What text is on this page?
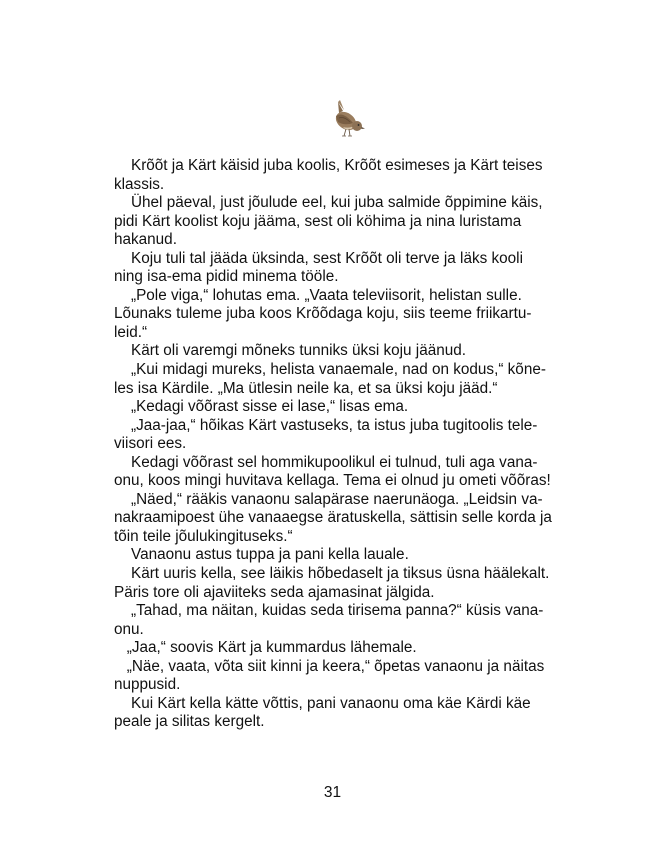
Krõõt ja Kärt käisid juba koolis, Krõõt esimeses ja Kärt teises
klassis.
Ühel päeval, just jõulude eel, kui juba salmide õppimine käis,
pidi Kärt koolist koju jääma, sest oli köhima ja nina luristama
hakanud.
Koju tuli tal jääda üksinda, sest Krõõt oli terve ja läks kooli
ning isa-ema pidid minema tööle.
„Pole viga,“ lohutas ema. „Vaata televiisorit, helistan sulle.
Lõunaks tuleme juba koos Krõõdaga koju, siis teeme friikartu-
leid.“
Kärt oli varemgi mõneks tunniks üksi koju jäänud.
„Kui midagi mureks, helista vanaemale, nad on kodus,“ kõne-
les isa Kärdile. „Ma ütlesin neile ka, et sa üksi koju jääd.“
„Kedagi võõrast sisse ei lase,“ lisas ema.
„Jaa-jaa,“ hõikas Kärt vastuseks, ta istus juba tugitoolis tele-
viisori ees.
Kedagi võõrast sel hommikupoolikul ei tulnud, tuli aga vana-
onu, koos mingi huvitava kellaga. Tema ei olnud ju ometi võõras!
„Näed,“ rääkis vanaonu salapärase naerunäoga. „Leidsin va-
nakraamipoest ühe vanaaegse äratuskella, sättisin selle korda ja
tõin teile jõulukingituseks.“
Vanaonu astus tuppa ja pani kella lauale.
Kärt uuris kella, see läikis hõbedaselt ja tiksus üsna häälekalt.
Päris tore oli ajaviiteks seda ajamasinat jälgida.
„Tahad, ma näitan, kuidas seda tirisema panna?“ küsis vana-
onu.
„Jaa,“ soovis Kärt ja kummardus lähemale.
„Näe, vaata, võta siit kinni ja keera,“ õpetas vanaonu ja näitas
nuppusid.
Kui Kärt kella kätte võttis, pani vanaonu oma käe Kärdi käe
peale ja silitas kergelt.
31
